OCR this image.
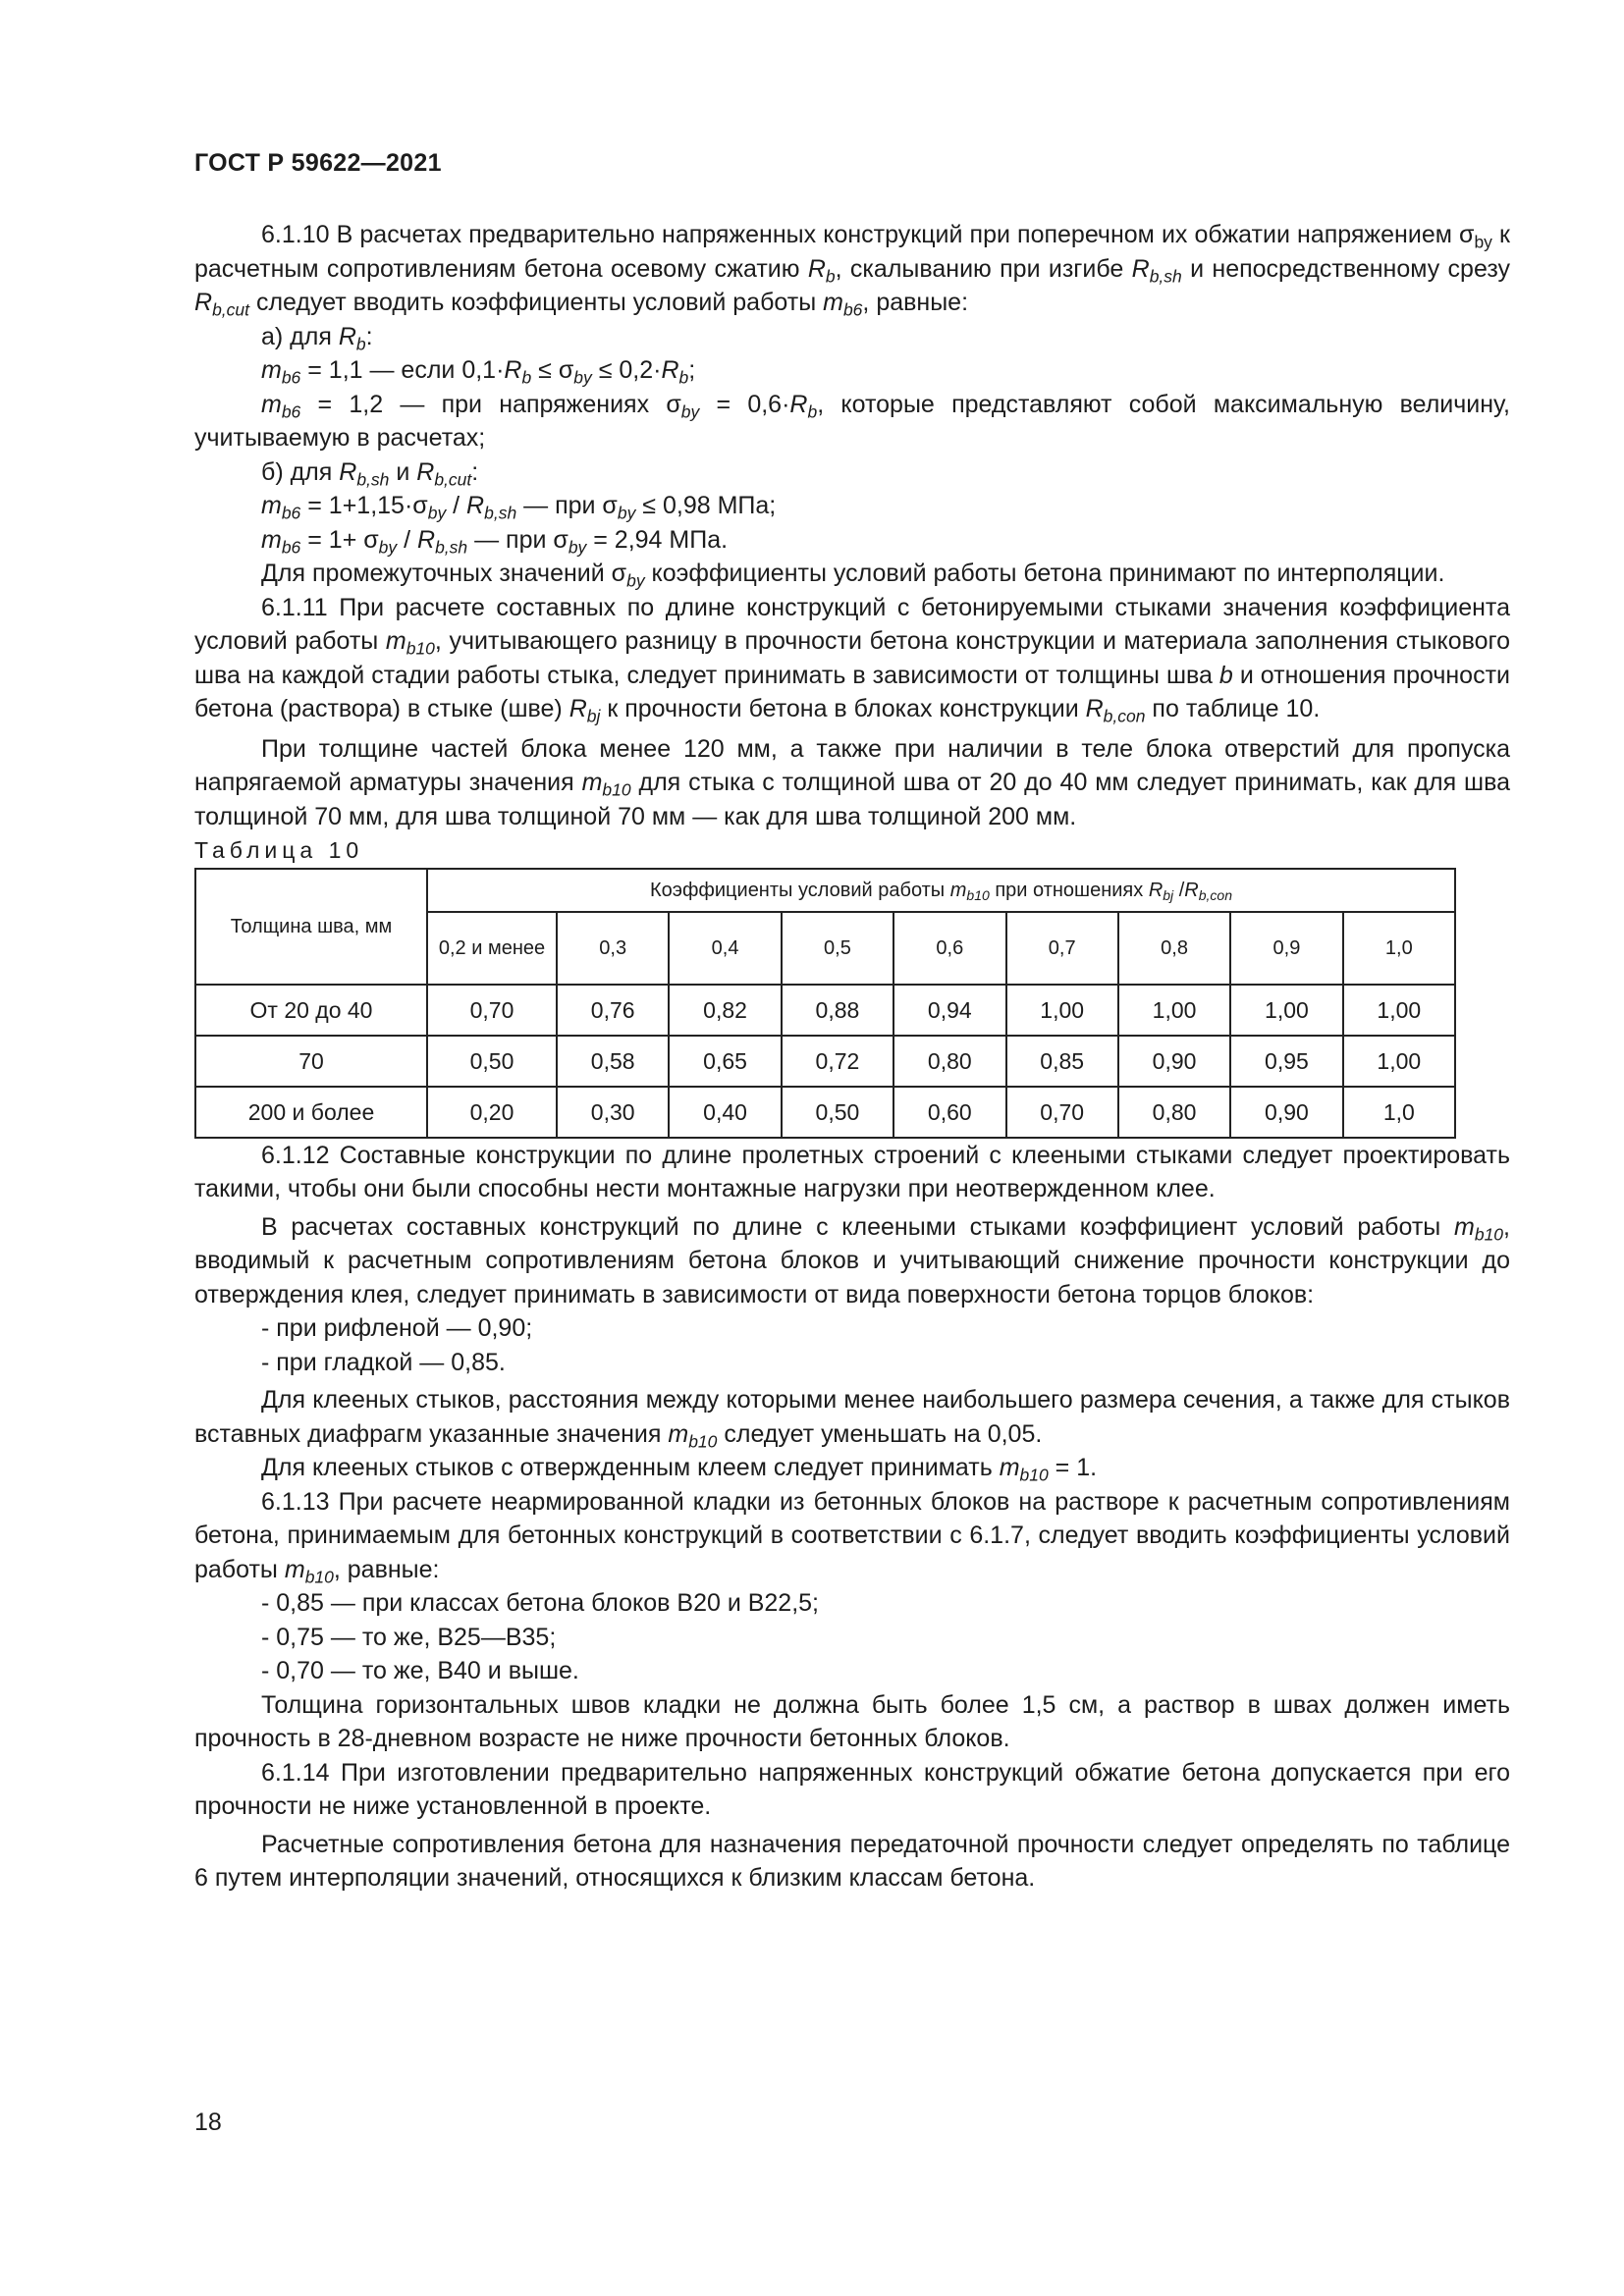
ГОСТ Р 59622—2021

6.1.10 В расчетах предварительно напряженных конструкций при поперечном их обжатии напряжением $\sigma_{by}$ к расчетным сопротивлениям бетона осевому сжатию $R_b$, скалыванию при изгибе $R_{b,sh}$ и непосредственному срезу $R_{b,cut}$ следует вводить коэффициенты условий работы $m_{b6}$, равные:

а) для $R_b$:

$m_{b6} = 1,1$ — если $0,1\cdot R_b \le \sigma_{by} \le 0,2\cdot R_b$;

$m_{b6} = 1,2$ — при напряжениях $\sigma_{by} = 0,6\cdot R_b$, которые представляют собой максимальную величину, учитываемую в расчетах;

б) для $R_{b,sh}$ и $R_{b,cut}$:

$m_{b6} = 1+1,15\cdot\sigma_{by} / R_{b,sh}$ — при $\sigma_{by} \le 0,98$ МПа;

$m_{b6} = 1+ \sigma_{by} / R_{b,sh}$ — при $\sigma_{by} = 2,94$ МПа.

Для промежуточных значений $\sigma_{by}$ коэффициенты условий работы бетона принимают по интерполяции.

6.1.11 При расчете составных по длине конструкций с бетонируемыми стыками значения коэффициента условий работы $m_{b10}$, учитывающего разницу в прочности бетона конструкции и материала заполнения стыкового шва на каждой стадии работы стыка, следует принимать в зависимости от толщины шва b и отношения прочности бетона (раствора) в стыке (шве) $R_{bj}$ к прочности бетона в блоках конструкции $R_{b,con}$ по таблице 10.

При толщине частей блока менее 120 мм, а также при наличии в теле блока отверстий для пропуска напрягаемой арматуры значения $m_{b10}$ для стыка с толщиной шва от 20 до 40 мм следует принимать, как для шва толщиной 70 мм, для шва толщиной 70 мм — как для шва толщиной 200 мм.

Таблица 10

Толщина шва, мм	Коэффициенты условий работы $m_{b10}$ при отношениях $R_{bj}$ $/R_{b,con}$
	0,2 и менее	0,3	0,4	0,5	0,6	0,7	0,8	0,9	1,0
От 20 до 40	0,70	0,76	0,82	0,88	0,94	1,00	1,00	1,00	1,00
70	0,50	0,58	0,65	0,72	0,80	0,85	0,90	0,95	1,00
200 и более	0,20	0,30	0,40	0,50	0,60	0,70	0,80	0,90	1,0

6.1.12 Составные конструкции по длине пролетных строений с клееными стыками следует проектировать такими, чтобы они были способны нести монтажные нагрузки при неотвержденном клее.

В расчетах составных конструкций по длине с клееными стыками коэффициент условий работы $m_{b10}$, вводимый к расчетным сопротивлениям бетона блоков и учитывающий снижение прочности конструкции до отверждения клея, следует принимать в зависимости от вида поверхности бетона торцов блоков:

- при рифленой — 0,90;

- при гладкой — 0,85.

Для клееных стыков, расстояния между которыми менее наибольшего размера сечения, а также для стыков вставных диафрагм указанные значения $m_{b10}$ следует уменьшать на 0,05.

Для клееных стыков с отвержденным клеем следует принимать $m_{b10} = 1$.

6.1.13 При расчете неармированной кладки из бетонных блоков на растворе к расчетным сопротивлениям бетона, принимаемым для бетонных конструкций в соответствии с 6.1.7, следует вводить коэффициенты условий работы $m_{b10}$, равные:

- 0,85 — при классах бетона блоков В20 и В22,5;

- 0,75 — то же, В25—В35;

- 0,70 — то же, В40 и выше.

Толщина горизонтальных швов кладки не должна быть более 1,5 см, а раствор в швах должен иметь прочность в 28-дневном возрасте не ниже прочности бетонных блоков.

6.1.14 При изготовлении предварительно напряженных конструкций обжатие бетона допускается при его прочности не ниже установленной в проекте.

Расчетные сопротивления бетона для назначения передаточной прочности следует определять по таблице 6 путем интерполяции значений, относящихся к близким классам бетона.

18
